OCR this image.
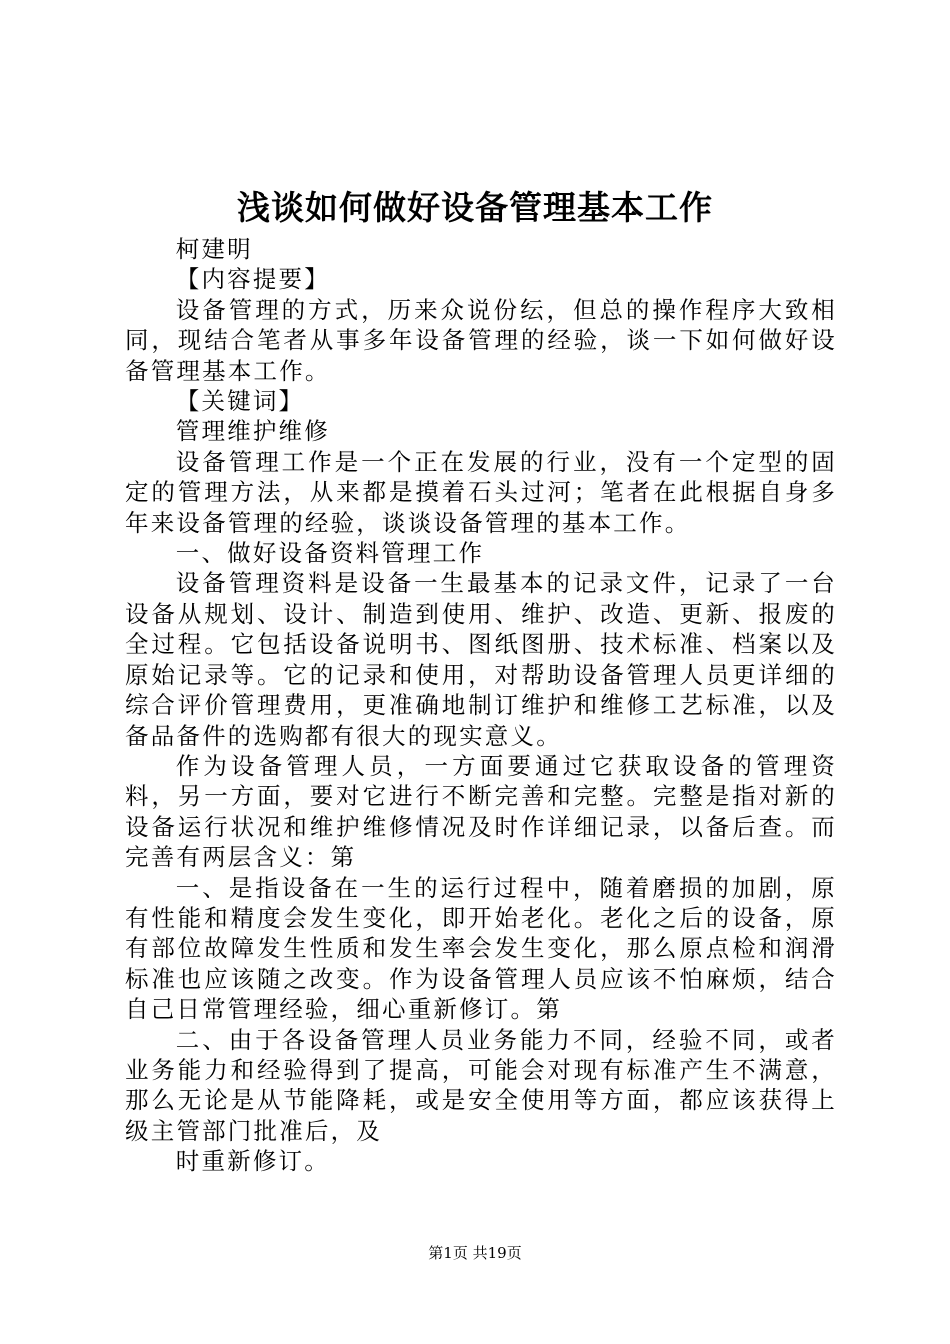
浅谈如何做好设备管理基本工作

柯建明

【内容提要】

设备管理的方式，历来众说份纭，但总的操作程序大致相同，现结合笔者从事多年设备管理的经验，谈一下如何做好设备管理基本工作。

【关键词】

管理维护维修

设备管理工作是一个正在发展的行业，没有一个定型的固定的管理方法，从来都是摸着石头过河；笔者在此根据自身多年来设备管理的经验，谈谈设备管理的基本工作。

一、做好设备资料管理工作

设备管理资料是设备一生最基本的记录文件，记录了一台设备从规划、设计、制造到使用、维护、改造、更新、报废的全过程。它包括设备说明书、图纸图册、技术标准、档案以及原始记录等。它的记录和使用，对帮助设备管理人员更详细的综合评价管理费用，更准确地制订维护和维修工艺标准，以及备品备件的选购都有很大的现实意义。

作为设备管理人员，一方面要通过它获取设备的管理资料，另一方面，要对它进行不断完善和完整。完整是指对新的设备运行状况和维护维修情况及时作详细记录，以备后查。而完善有两层含义：第

一、是指设备在一生的运行过程中，随着磨损的加剧，原有性能和精度会发生变化，即开始老化。老化之后的设备，原有部位故障发生性质和发生率会发生变化，那么原点检和润滑标准也应该随之改变。作为设备管理人员应该不怕麻烦，结合自己日常管理经验，细心重新修订。第

二、由于各设备管理人员业务能力不同，经验不同，或者业务能力和经验得到了提高，可能会对现有标准产生不满意，那么无论是从节能降耗，或是安全使用等方面，都应该获得上级主管部门批准后，及

时重新修订。

第1页 共19页
